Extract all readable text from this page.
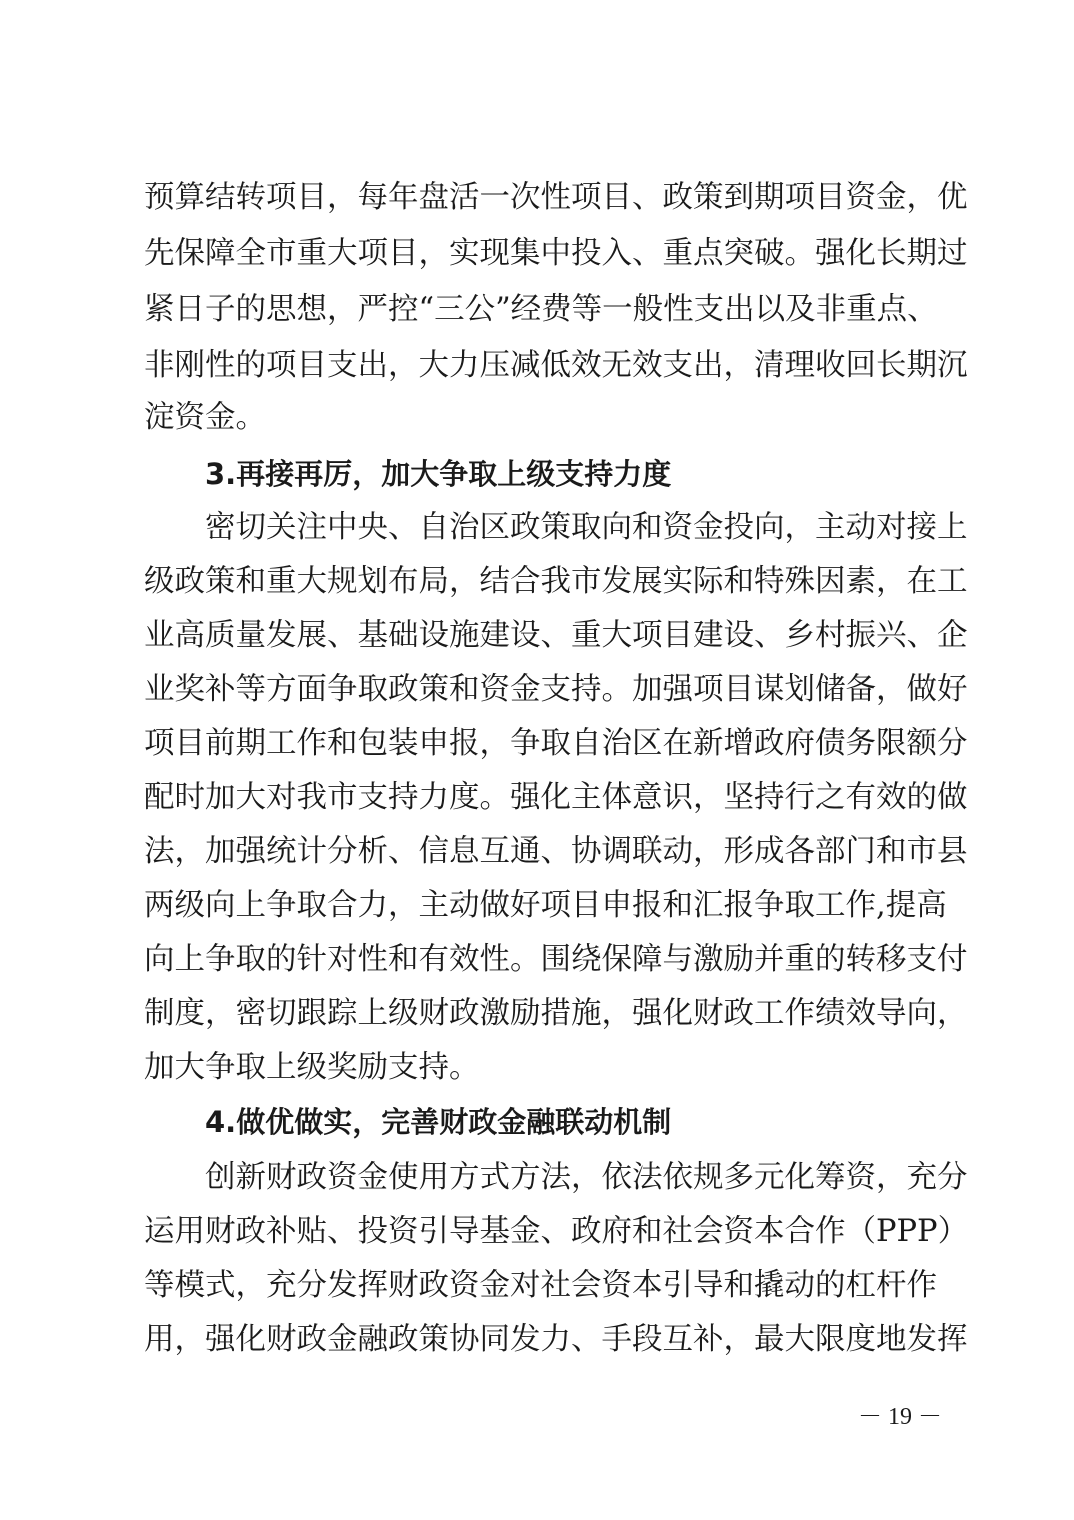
预算结转项目，每年盘活一次性项目、政策到期项目资金，优
先保障全市重大项目，实现集中投入、重点突破。强化长期过
紧日子的思想，严控“三公”经费等一般性支出以及非重点、
非刚性的项目支出，大力压减低效无效支出，清理收回长期沉
淀资金。
3.再接再厉，加大争取上级支持力度
密切关注中央、自治区政策取向和资金投向，主动对接上
级政策和重大规划布局，结合我市发展实际和特殊因素，在工
业高质量发展、基础设施建设、重大项目建设、乡村振兴、企
业奖补等方面争取政策和资金支持。加强项目谋划储备，做好
项目前期工作和包装申报，争取自治区在新增政府债务限额分
配时加大对我市支持力度。强化主体意识，坚持行之有效的做
法，加强统计分析、信息互通、协调联动，形成各部门和市县
两级向上争取合力，主动做好项目申报和汇报争取工作,提高
向上争取的针对性和有效性。围绕保障与激励并重的转移支付
制度，密切跟踪上级财政激励措施，强化财政工作绩效导向，
加大争取上级奖励支持。
4.做优做实，完善财政金融联动机制
创新财政资金使用方式方法，依法依规多元化筹资，充分
运用财政补贴、投资引导基金、政府和社会资本合作（PPP）
等模式，充分发挥财政资金对社会资本引导和撬动的杠杆作
用，强化财政金融政策协同发力、手段互补，最大限度地发挥
－ 19 －
